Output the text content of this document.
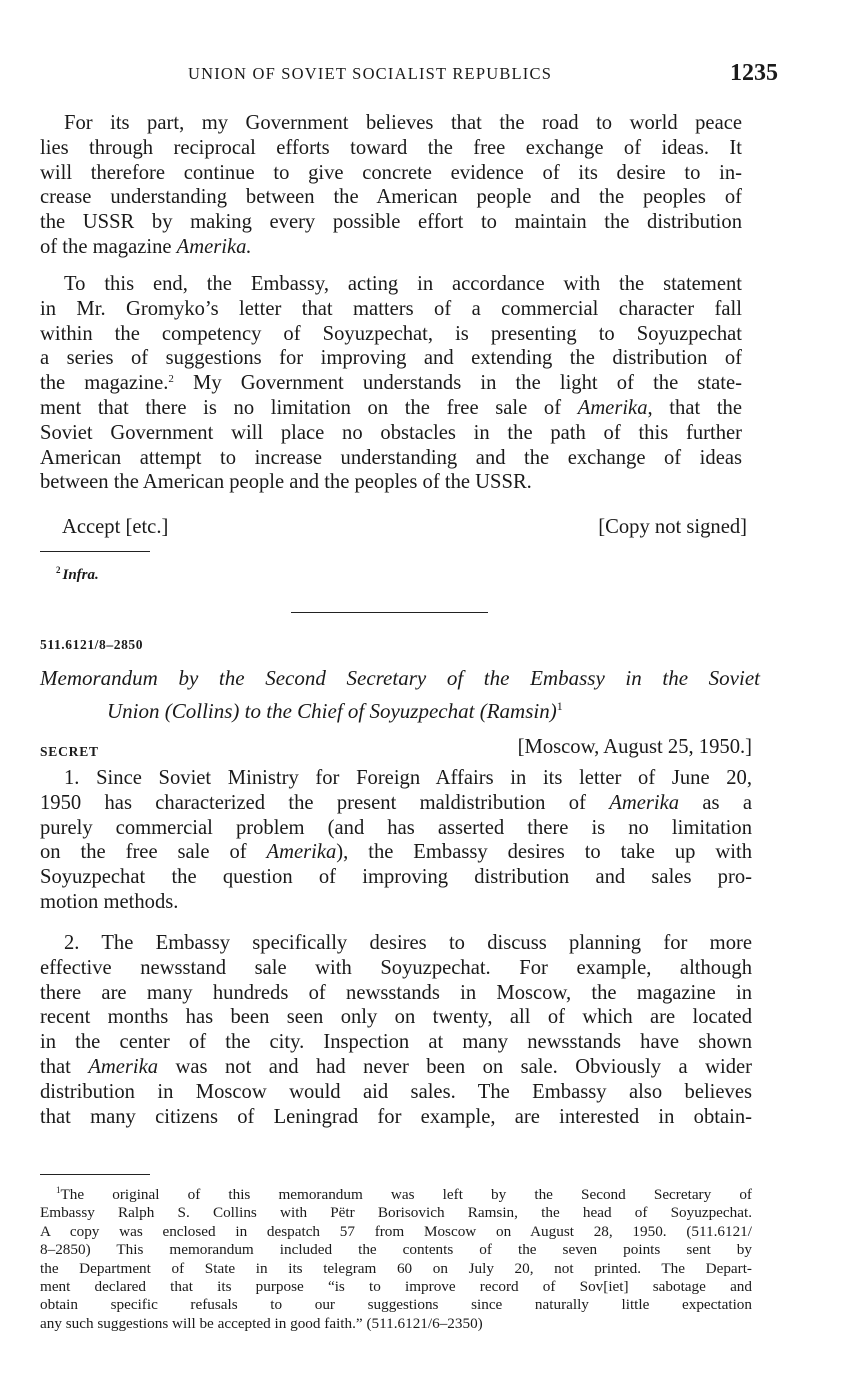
UNION OF SOVIET SOCIALIST REPUBLICS	1235
For its part, my Government believes that the road to world peace
lies through reciprocal efforts toward the free exchange of ideas. It
will therefore continue to give concrete evidence of its desire to in-
crease understanding between the American people and the peoples of
the USSR by making every possible effort to maintain the distribution
of the magazine Amerika.
To this end, the Embassy, acting in accordance with the statement
in Mr. Gromyko’s letter that matters of a commercial character fall
within the competency of Soyuzpechat, is presenting to Soyuzpechat
a series of suggestions for improving and extending the distribution of
the magazine.$^2$ My Government understands in the light of the state-
ment that there is no limitation on the free sale of Amerika, that the
Soviet Government will place no obstacles in the path of this further
American attempt to increase understanding and the exchange of ideas
between the American people and the peoples of the USSR.
Accept [etc.]	[Copy not signed]
$^2$ Infra.
511.6121/8–2850
Memorandum by the Second Secretary of the Embassy in the Soviet
Union (Collins) to the Chief of Soyuzpechat $(Ramsin)^1$
SECRET	[Moscow, August 25, 1950.]
1. Since Soviet Ministry for Foreign Affairs in its letter of June 20,
1950 has characterized the present maldistribution of Amerika as a
purely commercial problem (and has asserted there is no limitation
on the free sale of Amerika), the Embassy desires to take up with
Soyuzpechat the question of improving distribution and sales pro-
motion methods.
2. The Embassy specifically desires to discuss planning for more
effective newsstand sale with Soyuzpechat. For example, although
there are many hundreds of newsstands in Moscow, the magazine in
recent months has been seen only on twenty, all of which are located
in the center of the city. Inspection at many newsstands have shown
that Amerika was not and had never been on sale. Obviously a wider
distribution in Moscow would aid sales. The Embassy also believes
that many citizens of Leningrad for example, are interested in obtain-
$^1$The original of this memorandum was left by the Second Secretary of
Embassy Ralph S. Collins with Pëtr Borisovich Ramsin, the head of Soyuzpechat.
A copy was enclosed in despatch 57 from Moscow on August 28, 1950. (511.6121/
8–2850) This memorandum included the contents of the seven points sent by
the Department of State in its telegram 60 on July 20, not printed. The Depart-
ment declared that its purpose “is to improve record of Sov[iet] sabotage and
obtain specific refusals to our suggestions since naturally little expectation
any such suggestions will be accepted in good faith.” (511.6121/6–2350)
